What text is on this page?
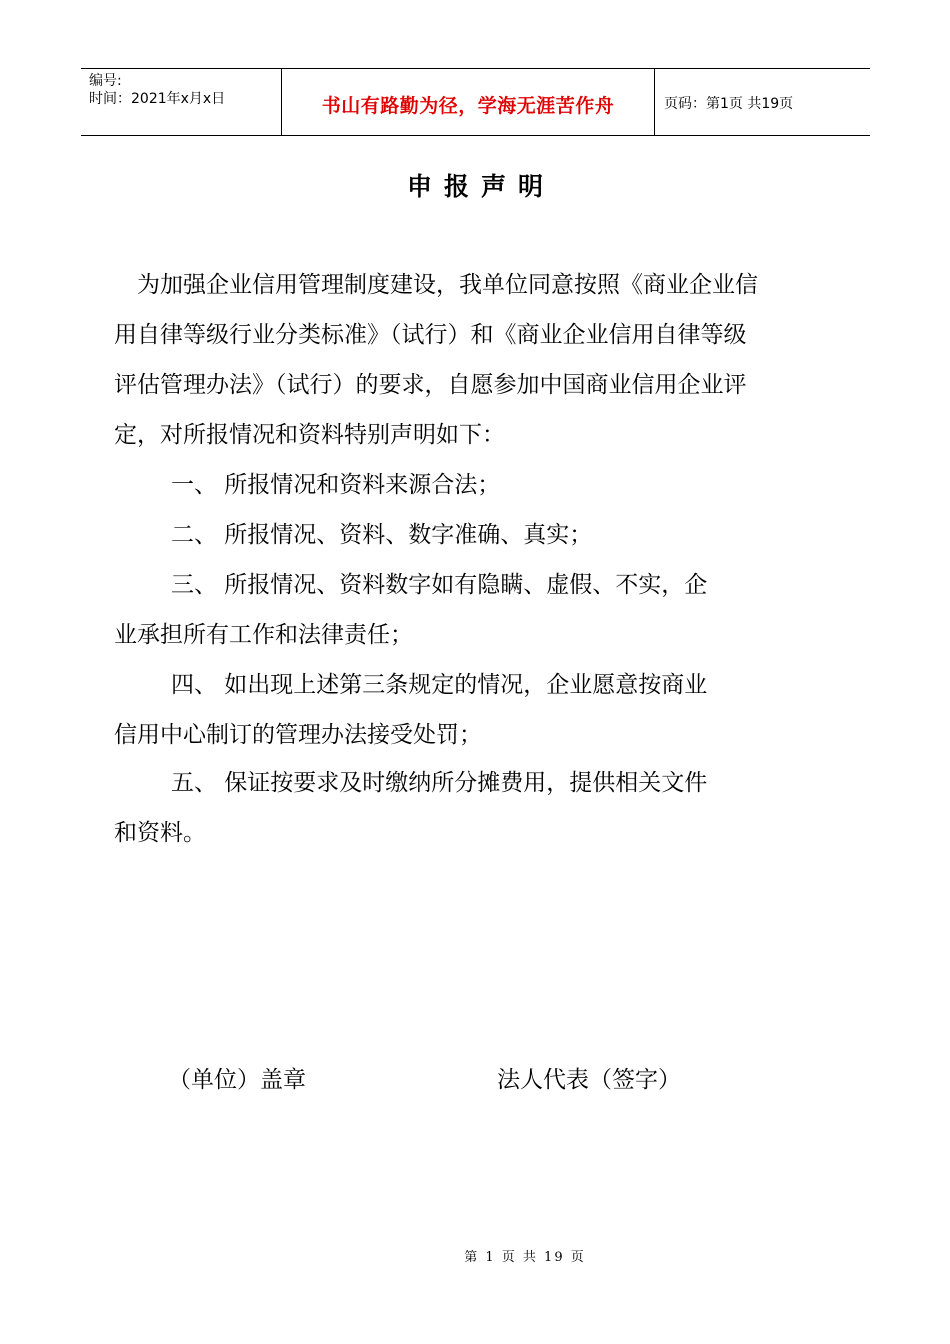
编号:
时间：2021年x月x日	书山有路勤为径，学海无涯苦作舟	页码：第1页 共19页
申报声明
为加强企业信用管理制度建设，我单位同意按照《商业企业信
用自律等级行业分类标准》（试行）和《商业企业信用自律等级
评估管理办法》（试行）的要求，自愿参加中国商业信用企业评
定，对所报情况和资料特别声明如下：
一、 所报情况和资料来源合法；
二、 所报情况、资料、数字准确、真实；
三、 所报情况、资料数字如有隐瞒、虚假、不实，企
业承担所有工作和法律责任；
四、 如出现上述第三条规定的情况，企业愿意按商业
信用中心制订的管理办法接受处罚；
五、 保证按要求及时缴纳所分摊费用，提供相关文件
和资料。
（单位）盖章	法人代表（签字）
第 1 页 共 19 页
